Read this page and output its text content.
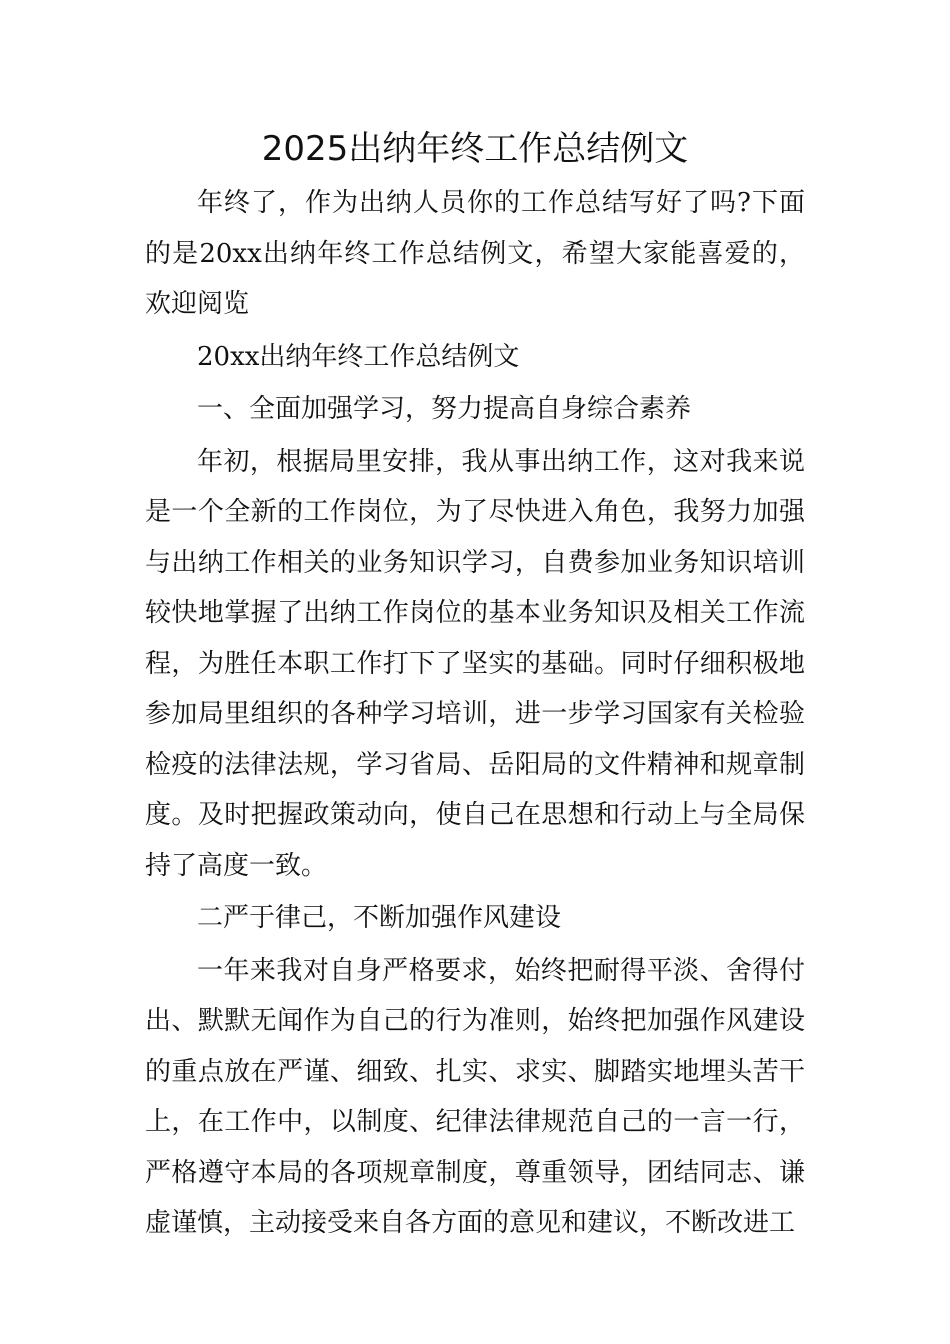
2025出纳年终工作总结例文

年终了，作为出纳人员你的工作总结写好了吗?下面的是20xx出纳年终工作总结例文，希望大家能喜爱的，欢迎阅览

20xx出纳年终工作总结例文

一、全面加强学习，努力提高自身综合素养

年初，根据局里安排，我从事出纳工作，这对我来说是一个全新的工作岗位，为了尽快进入角色，我努力加强与出纳工作相关的业务知识学习，自费参加业务知识培训较快地掌握了出纳工作岗位的基本业务知识及相关工作流程，为胜任本职工作打下了坚实的基础。同时仔细积极地参加局里组织的各种学习培训，进一步学习国家有关检验检疫的法律法规，学习省局、岳阳局的文件精神和规章制度。及时把握政策动向，使自己在思想和行动上与全局保持了高度一致。

二严于律己，不断加强作风建设

一年来我对自身严格要求，始终把耐得平淡、舍得付出、默默无闻作为自己的行为准则，始终把加强作风建设的重点放在严谨、细致、扎实、求实、脚踏实地埋头苦干上，在工作中，以制度、纪律法律规范自己的一言一行，严格遵守本局的各项规章制度，尊重领导，团结同志、谦虚谨慎，主动接受来自各方面的意见和建议，不断改进工
